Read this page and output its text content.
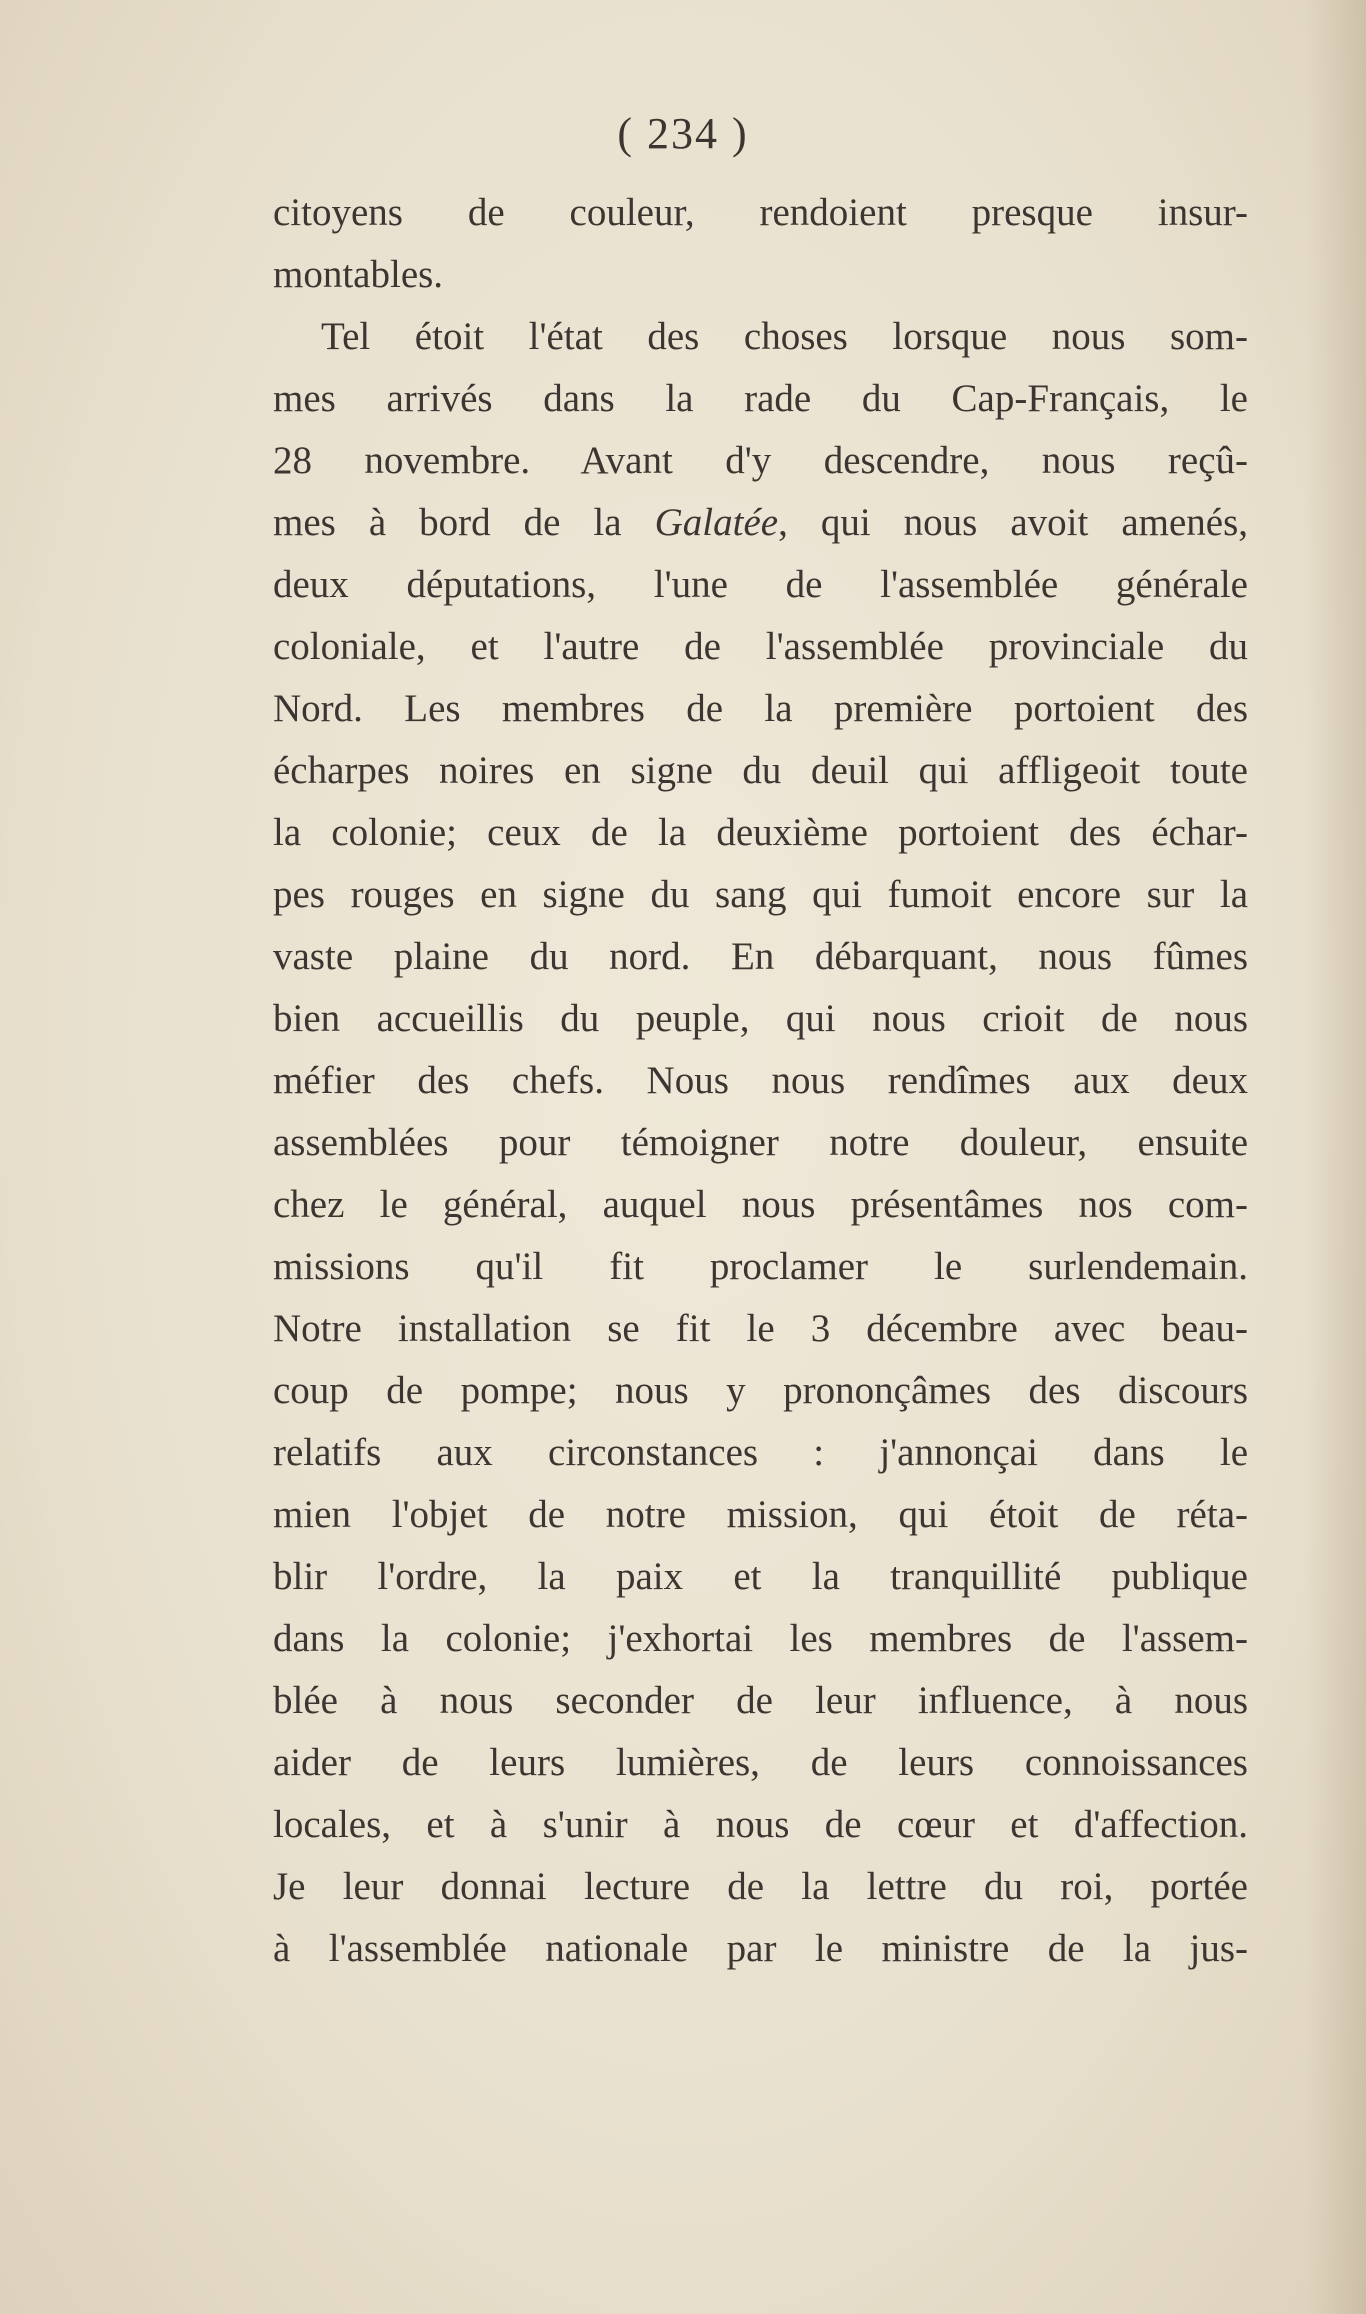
( 234 )
citoyens de couleur, rendoient presque insur-
montables.
Tel étoit l'état des choses lorsque nous som-
mes arrivés dans la rade du Cap-Français, le
28 novembre. Avant d'y descendre, nous reçû-
mes à bord de la Galatée, qui nous avoit amenés,
deux députations, l'une de l'assemblée générale
coloniale, et l'autre de l'assemblée provinciale du
Nord. Les membres de la première portoient des
écharpes noires en signe du deuil qui affligeoit toute
la colonie; ceux de la deuxième portoient des échar-
pes rouges en signe du sang qui fumoit encore sur la
vaste plaine du nord. En débarquant, nous fûmes
bien accueillis du peuple, qui nous crioit de nous
méfier des chefs. Nous nous rendîmes aux deux
assemblées pour témoigner notre douleur, ensuite
chez le général, auquel nous présentâmes nos com-
missions qu'il fit proclamer le surlendemain.
Notre installation se fit le 3 décembre avec beau-
coup de pompe; nous y prononçâmes des discours
relatifs aux circonstances : j'annonçai dans le
mien l'objet de notre mission, qui étoit de réta-
blir l'ordre, la paix et la tranquillité publique
dans la colonie; j'exhortai les membres de l'assem-
blée à nous seconder de leur influence, à nous
aider de leurs lumières, de leurs connoissances
locales, et à s'unir à nous de cœur et d'affection.
Je leur donnai lecture de la lettre du roi, portée
à l'assemblée nationale par le ministre de la jus-
